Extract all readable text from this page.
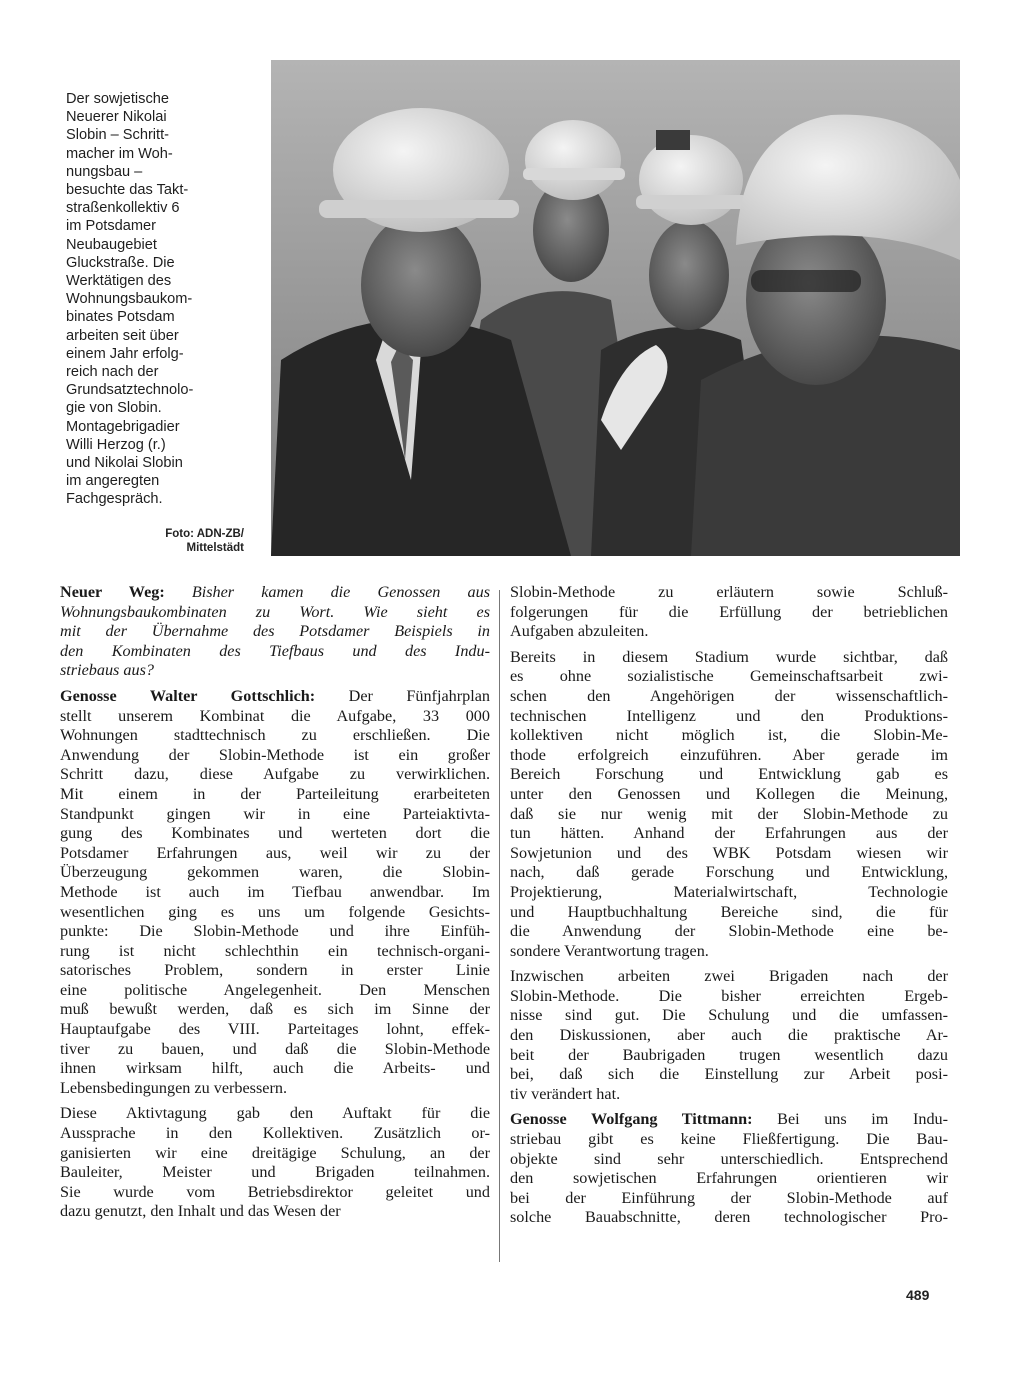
Der sowjetische
Neuerer Nikolai
Slobin – Schritt-
macher im Woh-
nungsbau –
besuchte das Takt-
straßenkollektiv 6
im Potsdamer
Neubaugebiet
Gluckstraße. Die
Werktätigen des
Wohnungsbaukom-
binates Potsdam
arbeiten seit über
einem Jahr erfolg-
reich nach der
Grundsatztechnolo-
gie von Slobin.
Montagebrigadier
Willi Herzog (r.)
und Nikolai Slobin
im angeregten
Fachgespräch.
Foto: ADN-ZB/
Mittelstädt
Neuer Weg: Bisher kamen die Genossen aus
Wohnungsbaukombinaten zu Wort. Wie sieht es
mit der Übernahme des Potsdamer Beispiels in
den Kombinaten des Tiefbaus und des Indu-
striebaus aus?
Genosse Walter Gottschlich: Der Fünfjahrplan
stellt unserem Kombinat die Aufgabe, 33 000
Wohnungen stadttechnisch zu erschließen. Die
Anwendung der Slobin-Methode ist ein großer
Schritt dazu, diese Aufgabe zu verwirklichen.
Mit einem in der Parteileitung erarbeiteten
Standpunkt gingen wir in eine Parteiaktivta-
gung des Kombinates und werteten dort die
Potsdamer Erfahrungen aus, weil wir zu der
Überzeugung gekommen waren, die Slobin-
Methode ist auch im Tiefbau anwendbar. Im
wesentlichen ging es uns um folgende Gesichts-
punkte: Die Slobin-Methode und ihre Einfüh-
rung ist nicht schlechthin ein technisch-organi-
satorisches Problem, sondern in erster Linie
eine politische Angelegenheit. Den Menschen
muß bewußt werden, daß es sich im Sinne der
Hauptaufgabe des VIII. Parteitages lohnt, effek-
tiver zu bauen, und daß die Slobin-Methode
ihnen wirksam hilft, auch die Arbeits- und
Lebensbedingungen zu verbessern.
Diese Aktivtagung gab den Auftakt für die
Aussprache in den Kollektiven. Zusätzlich or-
ganisierten wir eine dreitägige Schulung, an der
Bauleiter, Meister und Brigaden teilnahmen.
Sie wurde vom Betriebsdirektor geleitet und
dazu genutzt, den Inhalt und das Wesen der
Slobin-Methode zu erläutern sowie Schluß-
folgerungen für die Erfüllung der betrieblichen
Aufgaben abzuleiten.
Bereits in diesem Stadium wurde sichtbar, daß
es ohne sozialistische Gemeinschaftsarbeit zwi-
schen den Angehörigen der wissenschaftlich-
technischen Intelligenz und den Produktions-
kollektiven nicht möglich ist, die Slobin-Me-
thode erfolgreich einzuführen. Aber gerade im
Bereich Forschung und Entwicklung gab es
unter den Genossen und Kollegen die Meinung,
daß sie nur wenig mit der Slobin-Methode zu
tun hätten. Anhand der Erfahrungen aus der
Sowjetunion und des WBK Potsdam wiesen wir
nach, daß gerade Forschung und Entwicklung,
Projektierung, Materialwirtschaft, Technologie
und Hauptbuchhaltung Bereiche sind, die für
die Anwendung der Slobin-Methode eine be-
sondere Verantwortung tragen.
Inzwischen arbeiten zwei Brigaden nach der
Slobin-Methode. Die bisher erreichten Ergeb-
nisse sind gut. Die Schulung und die umfassen-
den Diskussionen, aber auch die praktische Ar-
beit der Baubrigaden trugen wesentlich dazu
bei, daß sich die Einstellung zur Arbeit posi-
tiv verändert hat.
Genosse Wolfgang Tittmann: Bei uns im Indu-
striebau gibt es keine Fließfertigung. Die Bau-
objekte sind sehr unterschiedlich. Entsprechend
den sowjetischen Erfahrungen orientieren wir
bei der Einführung der Slobin-Methode auf
solche Bauabschnitte, deren technologischer Pro-
489
